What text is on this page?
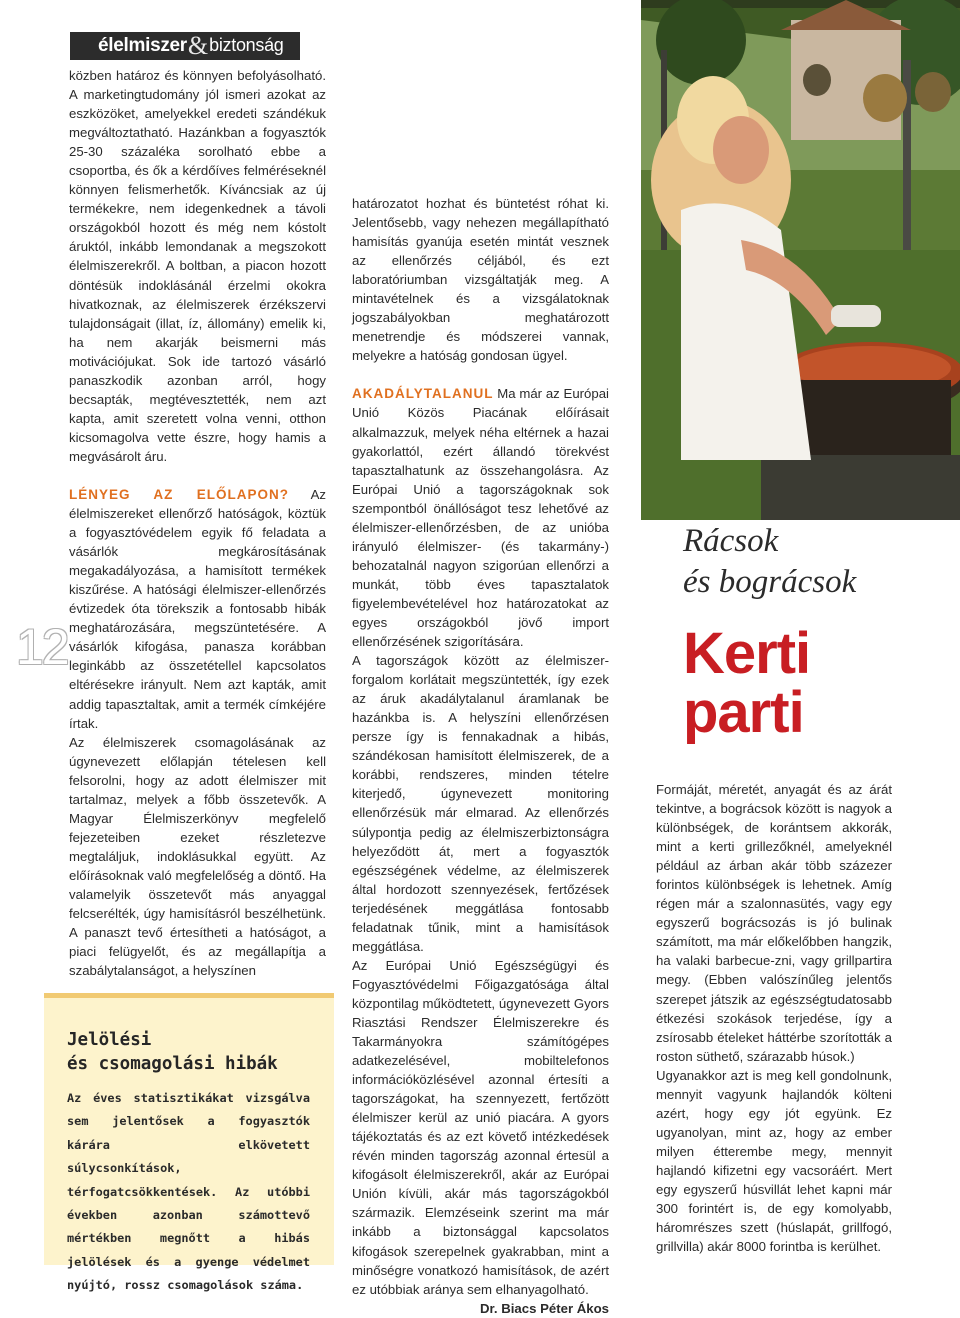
élelmiszer&biztonság
12

közben határoz és könnyen befolyásolható. A marketingtudomány jól ismeri azokat az eszközöket, amelyekkel eredeti szándékuk megváltoztatható. Hazánkban a fogyasztók 25-30 százaléka sorolható ebbe a csoportba, és ők a kérdőíves felméréseknél könnyen felismerhetők. Kíváncsiak az új termékekre, nem idegenkednek a távoli országokból hozott és még nem kóstolt áruktól, inkább lemondanak a megszokott élelmiszerekről. A boltban, a piacon hozott döntésük indoklásánál érzelmi okokra hivatkoznak, az élelmiszerek érzékszervi tulajdonságait (illat, íz, állomány) emelik ki, ha nem akarják beismerni más motivációjukat. Sok ide tartozó vásárló panaszkodik azonban arról, hogy becsapták, megtévesztették, nem azt kapta, amit szeretett volna venni, otthon kicsomagolva vette észre, hogy hamis a megvásárolt áru.

LÉNYEG AZ ELŐLAPON? Az élelmiszereket ellenőrző hatóságok, köztük a fogyasztóvédelem egyik fő feladata a vásárlók megkárosításának megakadályozása, a hamisított termékek kiszűrése. A hatósági élelmiszer-ellenőrzés évtizedek óta törekszik a fontosabb hibák meghatározására, megszüntetésére. A vásárlók kifogása, panasza korábban leginkább az összetétellel kapcsolatos eltérésekre irányult. Nem azt kapták, amit addig tapasztaltak, amit a termék címkéjére írtak.

Az élelmiszerek csomagolásának az úgynevezett előlapján tételesen kell felsorolni, hogy az adott élelmiszer mit tartalmaz, melyek a főbb összetevők. A Magyar Élelmiszerkönyv megfelelő fejezeteiben ezeket részletezve megtaláljuk, indoklásukkal együtt. Az előírásoknak való megfelelőség a döntő. Ha valamelyik összetevőt más anyaggal felcserélték, úgy hamisításról beszélhetünk. A panaszt tevő értesítheti a hatóságot, a piaci felügyelőt, és az megállapítja a szabálytalanságot, a helyszínen

Jelölési
és csomagolási hibák
Az éves statisztikákat vizsgálva sem jelentősek a fogyasztók kárára elkövetett súlycsonkítások, térfogatcsökkentések. Az utóbbi években azonban számottevő mértékben megnőtt a hibás jelölések és a gyenge védelmet nyújtó, rossz csomagolások száma.

határozatot hozhat és büntetést róhat ki. Jelentősebb, vagy nehezen megállapítható hamisítás gyanúja esetén mintát vesznek az ellenőrzés céljából, és ezt laboratóriumban vizsgáltatják meg. A mintavételnek és a vizsgálatoknak jogszabályokban meghatározott menetrendje és módszerei vannak, melyekre a hatóság gondosan ügyel.

AKADÁLYTALANUL Ma már az Európai Unió Közös Piacának előírásait alkalmazzuk, melyek néha eltérnek a hazai gyakorlattól, ezért állandó törekvést tapasztalhatunk az összehangolásra. Az Európai Unió a tagországoknak sok szempontból önállóságot tesz lehetővé az élelmiszer-ellenőrzésben, de az unióba irányuló élelmiszer- (és takarmány-) behozatalnál nagyon szigorúan ellenőrzi a munkát, több éves tapasztalatok figyelembevételével hoz határozatokat az egyes országokból jövő import ellenőrzésének szigorítására.

A tagországok között az élelmiszer-forgalom korlátait megszüntették, így ezek az áruk akadálytalanul áramlanak be hazánkba is. A helyszíni ellenőrzésen persze így is fennakadnak a hibás, szándékosan hamisított élelmiszerek, de a korábbi, rendszeres, minden tételre kiterjedő, úgynevezett monitoring ellenőrzésük már elmarad. Az ellenőrzés súlypontja pedig az élelmiszerbiztonságra helyeződött át, mert a fogyasztók egészségének védelme, az élelmiszerek által hordozott szennyezések, fertőzések terjedésének meggátlása fontosabb feladatnak tűnik, mint a hamisítások meggátlása.

Az Európai Unió Egészségügyi és Fogyasztóvédelmi Főigazgatósága által központilag működtetett, úgynevezett Gyors Riasztási Rendszer Élelmiszerekre és Takarmányokra számítógépes adatkezelésével, mobiltelefonos információközlésével azonnal értesíti a tagországokat, ha szennyezett, fertőzött élelmiszer kerül az unió piacára. A gyors tájékoztatás és az ezt követő intézkedések révén minden tagország azonnal értesül a kifogásolt élelmiszerekről, akár az Európai Unión kívüli, akár más tagországokból származik. Elemzéseink szerint ma már inkább a biztonsággal kapcsolatos kifogások szerepelnek gyakrabban, mint a minőségre vonatkozó hamisítások, de azért ez utóbbiak aránya sem elhanyagolható.

Dr. Biacs Péter Ákos
Rácsok
és bográcsok
Kerti
parti

Formáját, méretét, anyagát és az árát tekintve, a bográcsok között is nagyok a különbségek, de korántsem akkorák, mint a kerti grillezőknél, amelyeknél például az árban akár több százezer forintos különbségek is lehetnek. Amíg régen már a szalonnasütés, vagy egy egyszerű bográcsozás is jó bulinak számított, ma már előkelőbben hangzik, ha valaki barbecue-zni, vagy grillpartira megy. (Ebben valószínűleg jelentős szerepet játszik az egészségtudatosabb étkezési szokások terjedése, így a zsírosabb ételeket háttérbe szorították a roston süthető, szárazabb húsok.)

Ugyanakkor azt is meg kell gondolnunk, mennyit vagyunk hajlandók költeni azért, hogy egy jót együnk. Ez ugyanolyan, mint az, hogy az ember milyen étterembe megy, mennyit hajlandó kifizetni egy vacsoráért. Mert egy egyszerű húsvillát lehet kapni már 300 forintért is, de egy komolyabb, háromrészes szett (húslapát, grillfogó, grillvilla) akár 8000 forintba is kerülhet.
